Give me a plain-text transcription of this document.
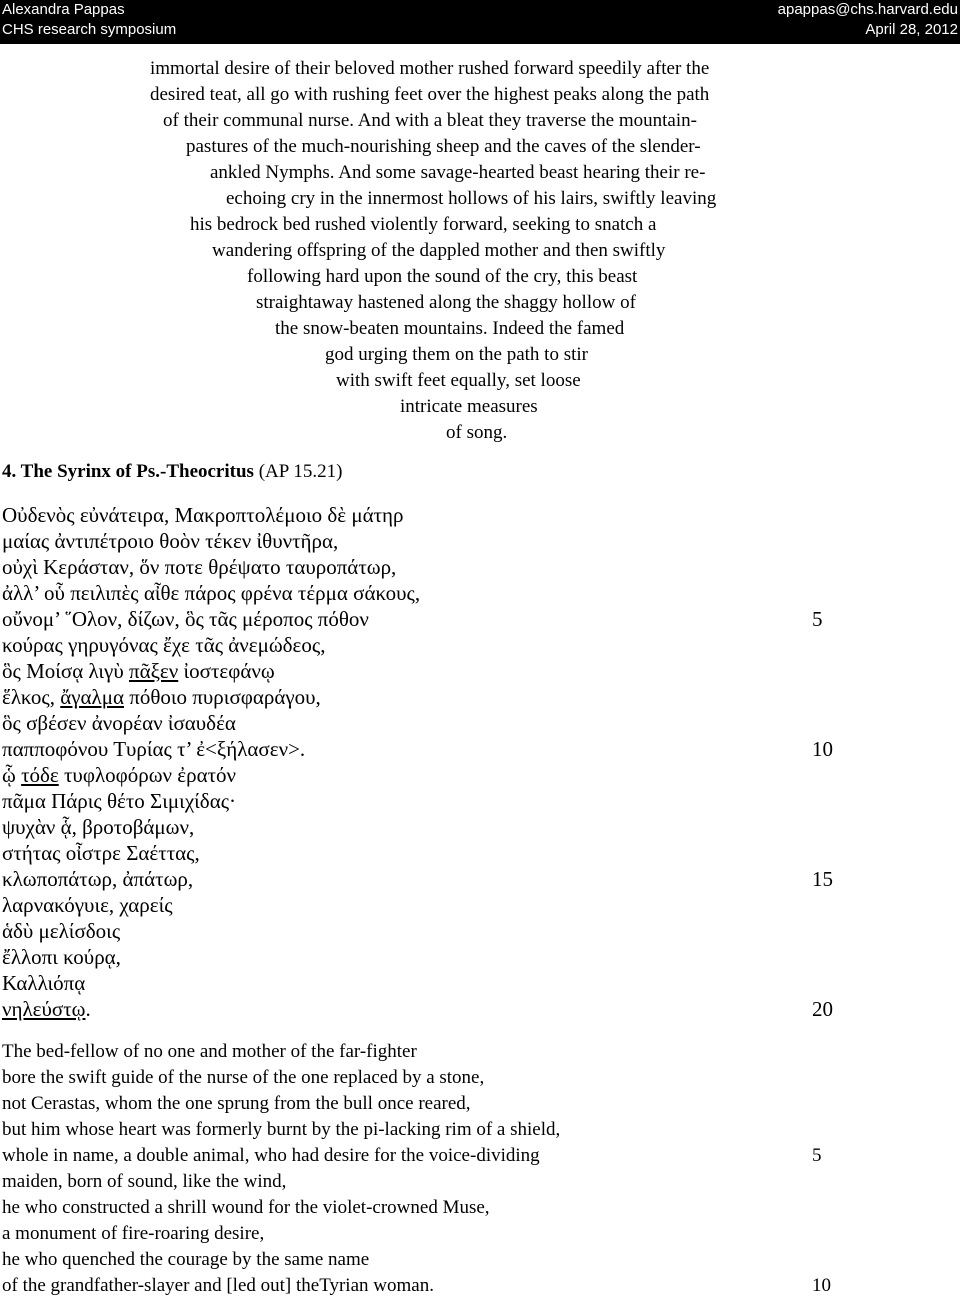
Alexandra Pappas	apappas@chs.harvard.edu
CHS research symposium	April 28, 2012
immortal desire of their beloved mother rushed forward speedily after the
desired teat, all go with rushing feet over the highest peaks along the path
of their communal nurse. And with a bleat they traverse the mountain-
pastures of the much-nourishing sheep and the caves of the slender-
ankled Nymphs. And some savage-hearted beast hearing their re-
echoing cry in the innermost hollows of his lairs, swiftly leaving
his bedrock bed rushed violently forward, seeking to snatch a
wandering offspring of the dappled mother and then swiftly
following hard upon the sound of the cry, this beast
straightaway hastened along the shaggy hollow of
the snow-beaten mountains. Indeed the famed
god urging them on the path to stir
with swift feet equally, set loose
intricate measures
of song.
4. The Syrinx of Ps.-Theocritus (AP 15.21)
Οὐδενὸς εὐνάτειρα, Μακροπτολέμοιο δὲ μάτηρ
μαίας ἀντιπέτροιο θοὸν τέκεν ἰθυντῆρα,
οὐχὶ Κεράσταν, ὅν ποτε θρέψατο ταυροπάτωρ,
ἀλλ’ οὗ πειλιπὲς αἶθε πάρος φρένα τέρμα σάκους,
οὔνομ’ ῞Ολον, δίζων, ὃς τᾶς μέροπος πόθον	5
κούρας γηρυγόνας ἔχε τᾶς ἀνεμώδεος,
ὃς Μοίσᾳ λιγὺ πᾶξεν ἰοστεφάνῳ
ἕλκος, ἄγαλμα πόθοιο πυρισφαράγου,
ὃς σβέσεν ἀνορέαν ἰσαυδέα
παπποφόνου Τυρίας τ’ ἐ<ξήλασεν>.	10
ᾧ τόδε τυφλοφόρων ἐρατόν
πᾶμα Πάρις θέτο Σιμιχίδας·
ψυχὰν ᾇ, βροτοβάμων,
στήτας οἶστρε Σαέττας,
κλωποπάτωρ, ἀπάτωρ,	15
λαρνακόγυιε, χαρείς
ἁδὺ μελίσδοις
ἔλλοπι κούρᾳ,
Καλλιόπᾳ
νηλεύστῳ.	20
The bed-fellow of no one and mother of the far-fighter
bore the swift guide of the nurse of the one replaced by a stone,
not Cerastas, whom the one sprung from the bull once reared,
but him whose heart was formerly burnt by the pi-lacking rim of a shield,
whole in name, a double animal, who had desire for the voice-dividing	5
maiden, born of sound, like the wind,
he who constructed a shrill wound for the violet-crowned Muse,
a monument of fire-roaring desire,
he who quenched the courage by the same name
of the grandfather-slayer and [led out] theTyrian woman.	10
